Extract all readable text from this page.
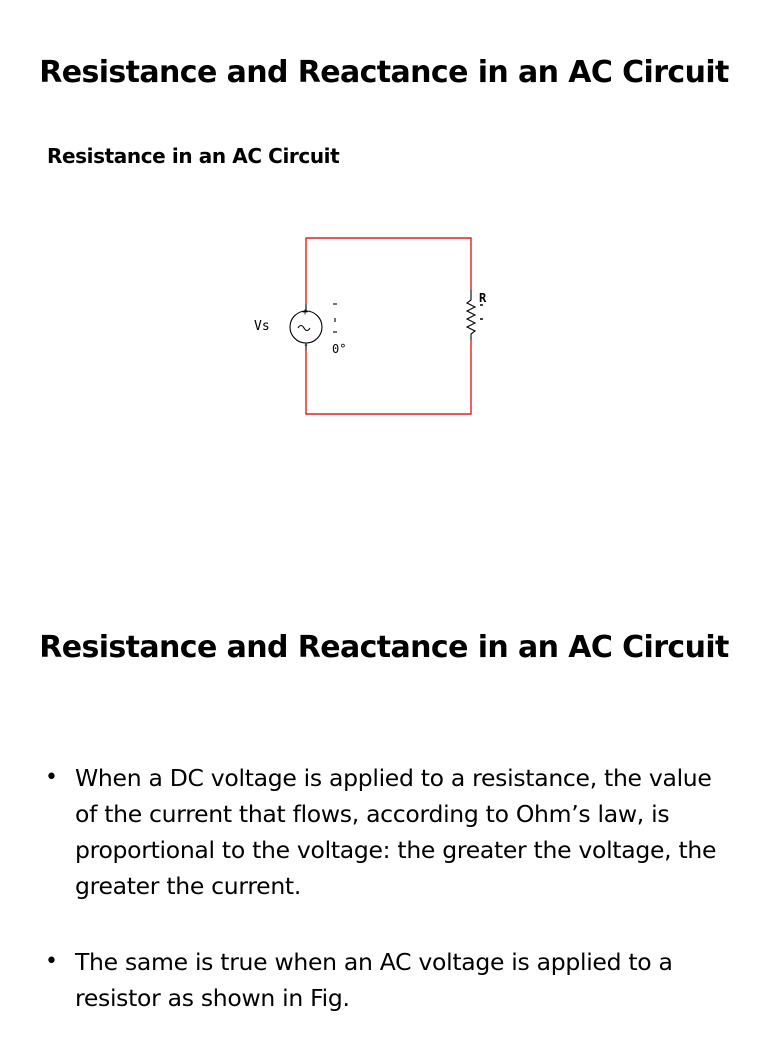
Resistance and Reactance in an AC Circuit
Resistance in an AC Circuit
+
-
Vs
0°
R
Resistance and Reactance in an AC Circuit
• When a DC voltage is applied to a resistance, the value of the current that flows, according to Ohm’s law, is proportional to the voltage: the greater the voltage, the greater the current.
• The same is true when an AC voltage is applied to a resistor as shown in Fig.
